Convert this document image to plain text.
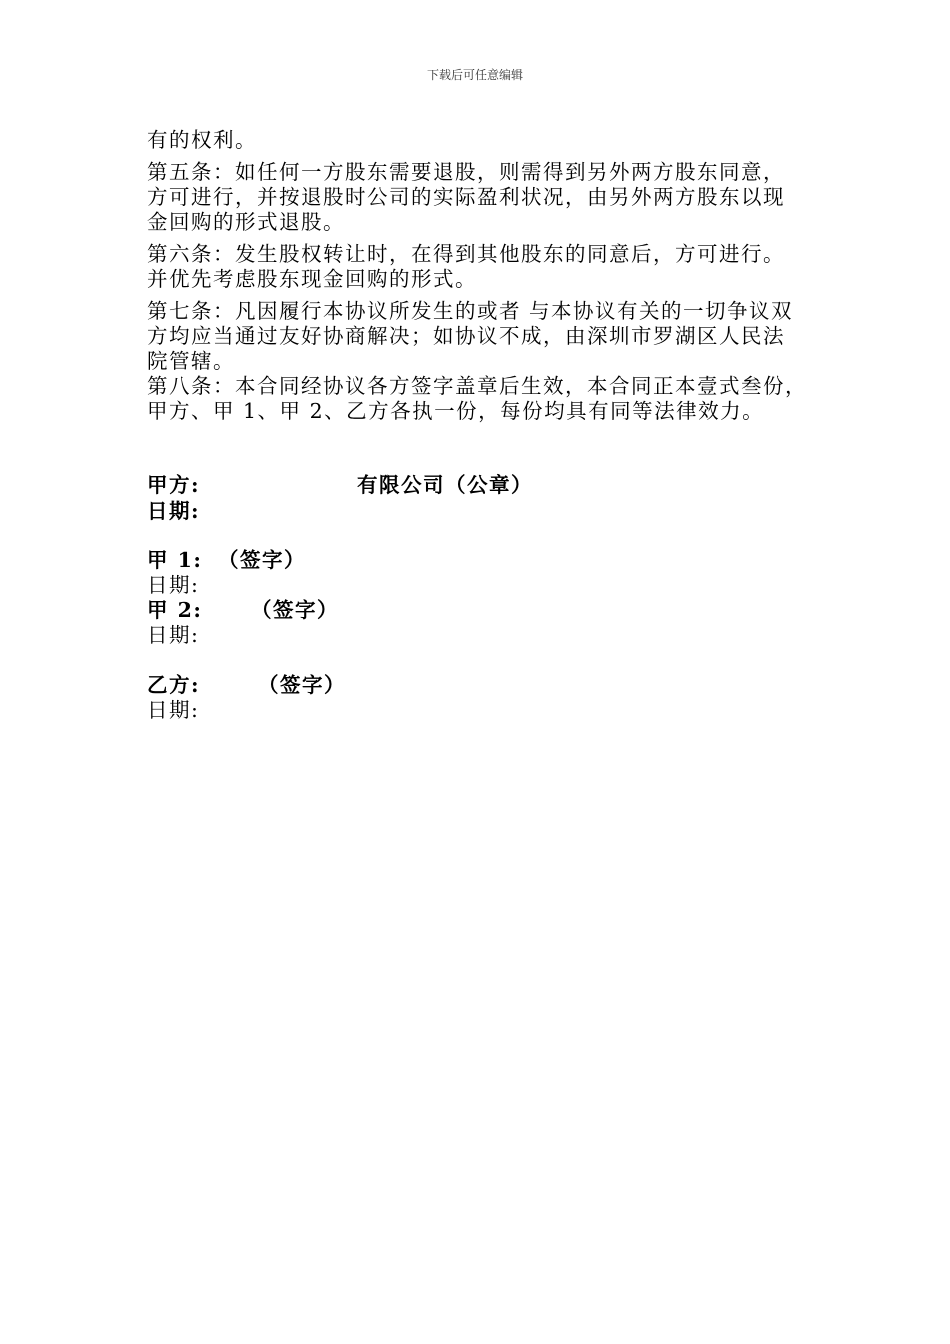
下载后可任意编辑

有的权利。

第五条：如任何一方股东需要退股，则需得到另外两方股东同意，
方可进行，并按退股时公司的实际盈利状况，由另外两方股东以现
金回购的形式退股。

第六条：发生股权转让时，在得到其他股东的同意后，方可进行。
并优先考虑股东现金回购的形式。

第七条：凡因履行本协议所发生的或者 与本协议有关的一切争议双
方均应当通过友好协商解决；如协议不成，由深圳市罗湖区人民法
院管辖。

第八条：本合同经协议各方签字盖章后生效，本合同正本壹式叁份，
甲方、甲 1、甲 2、乙方各执一份，每份均具有同等法律效力。

甲方:	有限公司（公章）
日期:
甲 1: （签字）
日期:
甲 2: （签字）
日期:
乙方:	（签字）
日期:
